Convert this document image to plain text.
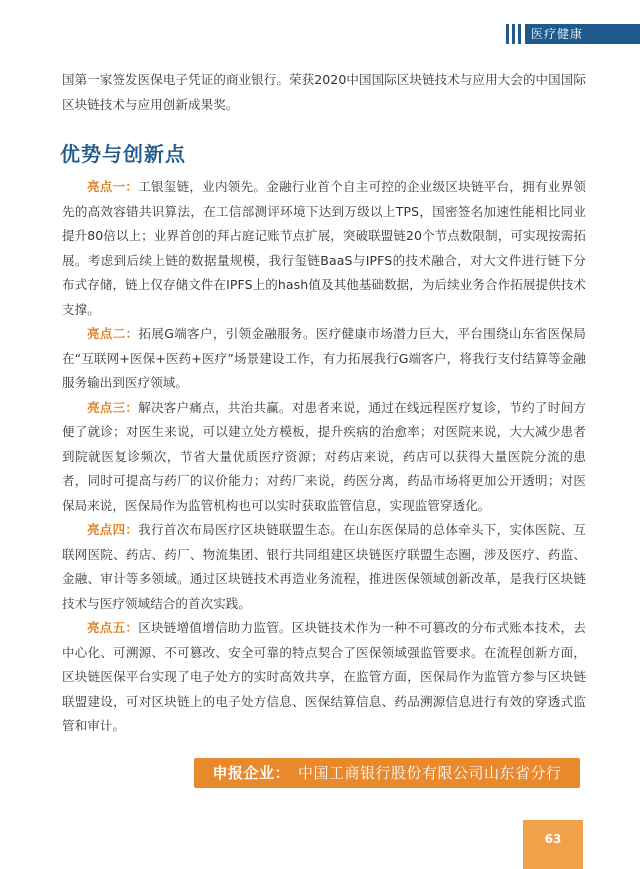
医疗健康

国第一家签发医保电子凭证的商业银行。荣获2020中国国际区块链技术与应用大会的中国国际区块链技术与应用创新成果奖。

优势与创新点

亮点一：工银玺链，业内领先。金融行业首个自主可控的企业级区块链平台，拥有业界领先的高效容错共识算法，在工信部测评环境下达到万级以上TPS，国密签名加速性能相比同业提升80倍以上；业界首创的拜占庭记账节点扩展，突破联盟链20个节点数限制，可实现按需拓展。考虑到后续上链的数据量规模，我行玺链BaaS与IPFS的技术融合，对大文件进行链下分布式存储，链上仅存储文件在IPFS上的hash值及其他基础数据，为后续业务合作拓展提供技术支撑。

亮点二：拓展G端客户，引领金融服务。医疗健康市场潜力巨大，平台围绕山东省医保局在“互联网+医保+医药+医疗”场景建设工作，有力拓展我行G端客户，将我行支付结算等金融服务输出到医疗领域。

亮点三：解决客户痛点，共治共赢。对患者来说，通过在线远程医疗复诊，节约了时间方便了就诊；对医生来说，可以建立处方模板，提升疾病的治愈率；对医院来说，大大减少患者到院就医复诊频次，节省大量优质医疗资源；对药店来说，药店可以获得大量医院分流的患者，同时可提高与药厂的议价能力；对药厂来说，药医分离，药品市场将更加公开透明；对医保局来说，医保局作为监管机构也可以实时获取监管信息，实现监管穿透化。

亮点四：我行首次布局医疗区块链联盟生态。在山东医保局的总体牵头下，实体医院、互联网医院、药店、药厂、物流集团、银行共同组建区块链医疗联盟生态圈，涉及医疗、药监、金融、审计等多领域。通过区块链技术再造业务流程，推进医保领域创新改革，是我行区块链技术与医疗领域结合的首次实践。

亮点五：区块链增值增信助力监管。区块链技术作为一种不可篡改的分布式账本技术，去中心化、可溯源、不可篡改、安全可靠的特点契合了医保领域强监管要求。在流程创新方面，区块链医保平台实现了电子处方的实时高效共享，在监管方面，医保局作为监管方参与区块链联盟建设，可对区块链上的电子处方信息、医保结算信息、药品溯源信息进行有效的穿透式监管和审计。

申报企业： 中国工商银行股份有限公司山东省分行
63
